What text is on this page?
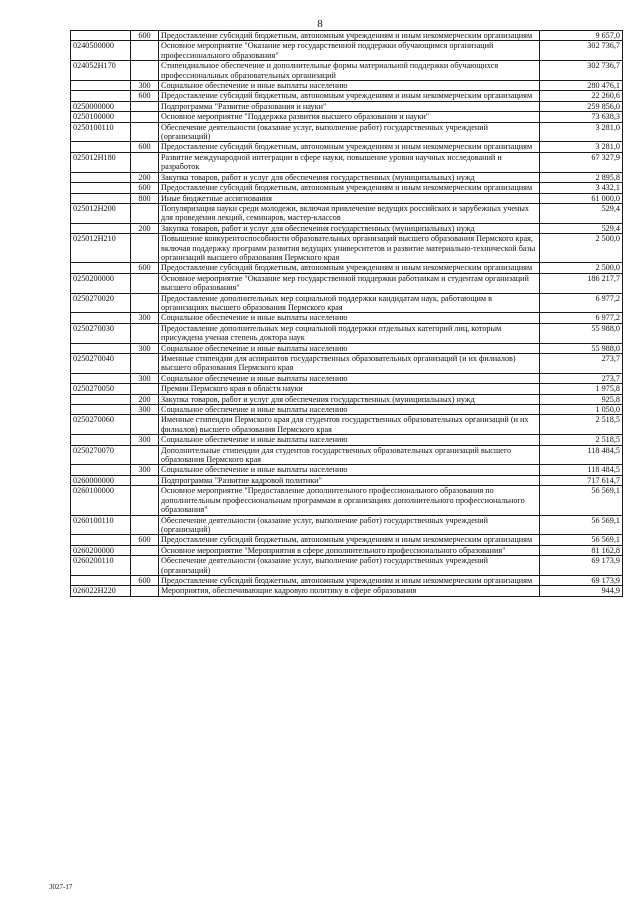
8
	600	Предоставление субсидий бюджетным, автономным учреждениям и иным некоммерческим организациям	9 657,0
0240500000		Основное мероприятие "Оказание мер государственной поддержки обучающимся организаций профессионального образования"	302 736,7
024052Н170		Стипендиальное обеспечение и дополнительные формы материальной поддержки обучающихся профессиональных образовательных организаций	302 736,7
	300	Социальное обеспечение и иные выплаты населению	280 476,1
	600	Предоставление субсидий бюджетным, автономным учреждениям и иным некоммерческим организациям	22 260,6
0250000000		Подпрограмма "Развитие образования и науки"	259 856,0
0250100000		Основное мероприятие "Поддержка развития высшего образования и науки"	73 638,3
0250100110		Обеспечение деятельности (оказание услуг, выполнение работ) государственных учреждений (организаций)	3 281,0
	600	Предоставление субсидий бюджетным, автономным учреждениям и иным некоммерческим организациям	3 281,0
025012Н180		Развитие международной интеграции в сфере науки, повышение уровня научных исследований и разработок	67 327,9
	200	Закупка товаров, работ и услуг для обеспечения государственных (муниципальных) нужд	2 895,8
	600	Предоставление субсидий бюджетным, автономным учреждениям и иным некоммерческим организациям	3 432,1
	800	Иные бюджетные ассигнования	61 000,0
025012Н200		Популяризация науки среди молодежи, включая привлечение ведущих российских и зарубежных ученых для проведения лекций, семинаров, мастер-классов	529,4
	200	Закупка товаров, работ и услуг для обеспечения государственных (муниципальных) нужд	529,4
025012Н210		Повышение конкурентоспособности образовательных организаций высшего образования Пермского края, включая поддержку программ развития ведущих университетов и развитие материально-технической базы организаций высшего образования Пермского края	2 500,0
	600	Предоставление субсидий бюджетным, автономным учреждениям и иным некоммерческим организациям	2 500,0
0250200000		Основное мероприятие "Оказание мер государственной поддержки работникам и студентам организаций высшего образования"	186 217,7
0250270020		Предоставление дополнительных мер социальной поддержки кандидатам наук, работающим в организациях высшего образования Пермского края	6 977,2
	300	Социальное обеспечение и иные выплаты населению	6 977,2
0250270030		Предоставление дополнительных мер социальной поддержки отдельных категорий лиц, которым присуждена ученая степень доктора наук	55 988,0
	300	Социальное обеспечение и иные выплаты населению	55 988,0
0250270040		Именные стипендии для аспирантов государственных образовательных организаций (и их филиалов) высшего образования Пермского края	273,7
	300	Социальное обеспечение и иные выплаты населению	273,7
0250270050		Премии Пермского края в области науки	1 975,8
	200	Закупка товаров, работ и услуг для обеспечения государственных (муниципальных) нужд	925,8
	300	Социальное обеспечение и иные выплаты населению	1 050,0
0250270060		Именные стипендии Пермского края для студентов государственных образовательных организаций (и их филиалов) высшего образования Пермского края	2 518,5
	300	Социальное обеспечение и иные выплаты населению	2 518,5
0250270070		Дополнительные стипендии для студентов государственных образовательных организаций высшего образования Пермского края	118 484,5
	300	Социальное обеспечение и иные выплаты населению	118 484,5
0260000000		Подпрограмма "Развитие кадровой политики"	717 614,7
0260100000		Основное мероприятие "Предоставление дополнительного профессионального образования по дополнительным профессиональным программам в организациях дополнительного профессионального образования"	56 569,1
0260100110		Обеспечение деятельности (оказание услуг, выполнение работ) государственных учреждений (организаций)	56 569,1
	600	Предоставление субсидий бюджетным, автономным учреждениям и иным некоммерческим организациям	56 569,1
0260200000		Основное мероприятие "Мероприятия в сфере дополнительного профессионального образования"	81 162,8
0260200110		Обеспечение деятельности (оказание услуг, выполнение работ) государственных учреждений (организаций)	69 173,9
	600	Предоставление субсидий бюджетным, автономным учреждениям и иным некоммерческим организациям	69 173,9
026022Н220		Мероприятия, обеспечивающие кадровую политику в сфере образования	944,9
3027-17
